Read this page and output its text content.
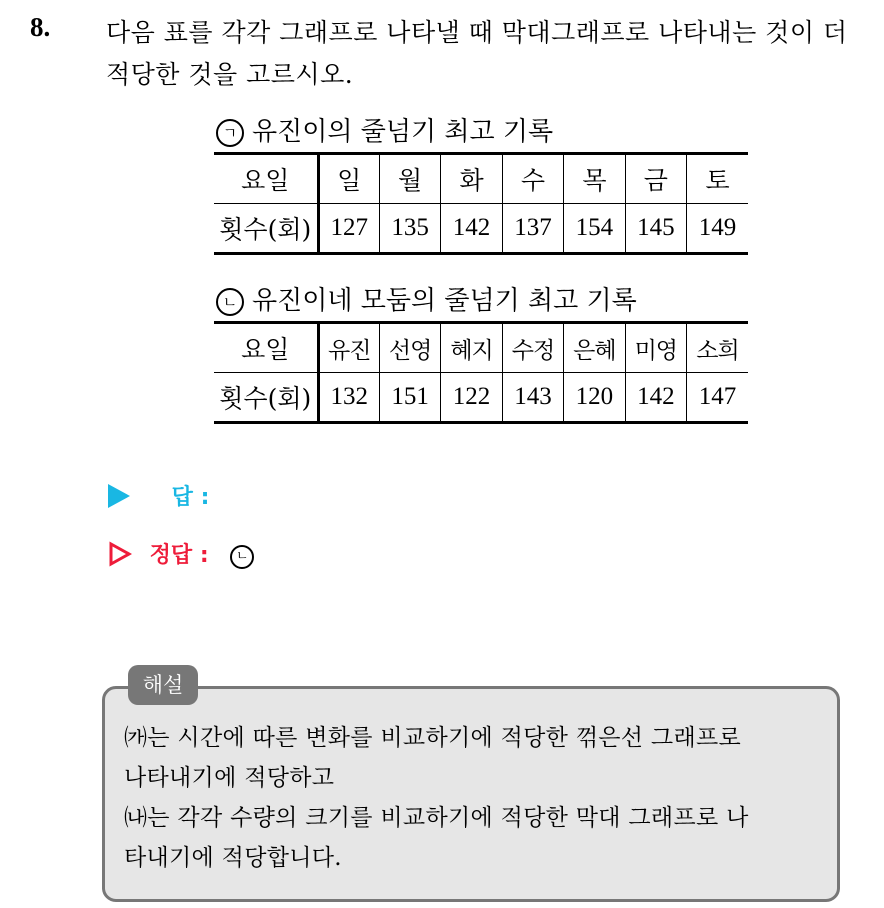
8. 다음 표를 각각 그래프로 나타낼 때 막대그래프로 나타내는 것이 더
적당한 것을 고르시오.
ㄱ 유진이의 줄넘기 최고 기록
요일	일	월	화	수	목	금	토
횟수(회)	127	135	142	137	154	145	149
ㄴ 유진이네 모둠의 줄넘기 최고 기록
요일	유진	선영	혜지	수정	은혜	미영	소희
횟수(회)	132	151	122	143	120	142	147
답 :
정답 : ㄴ
해설
㈎는 시간에 따른 변화를 비교하기에 적당한 꺾은선 그래프로
나타내기에 적당하고
㈏는 각각 수량의 크기를 비교하기에 적당한 막대 그래프로 나
타내기에 적당합니다.
